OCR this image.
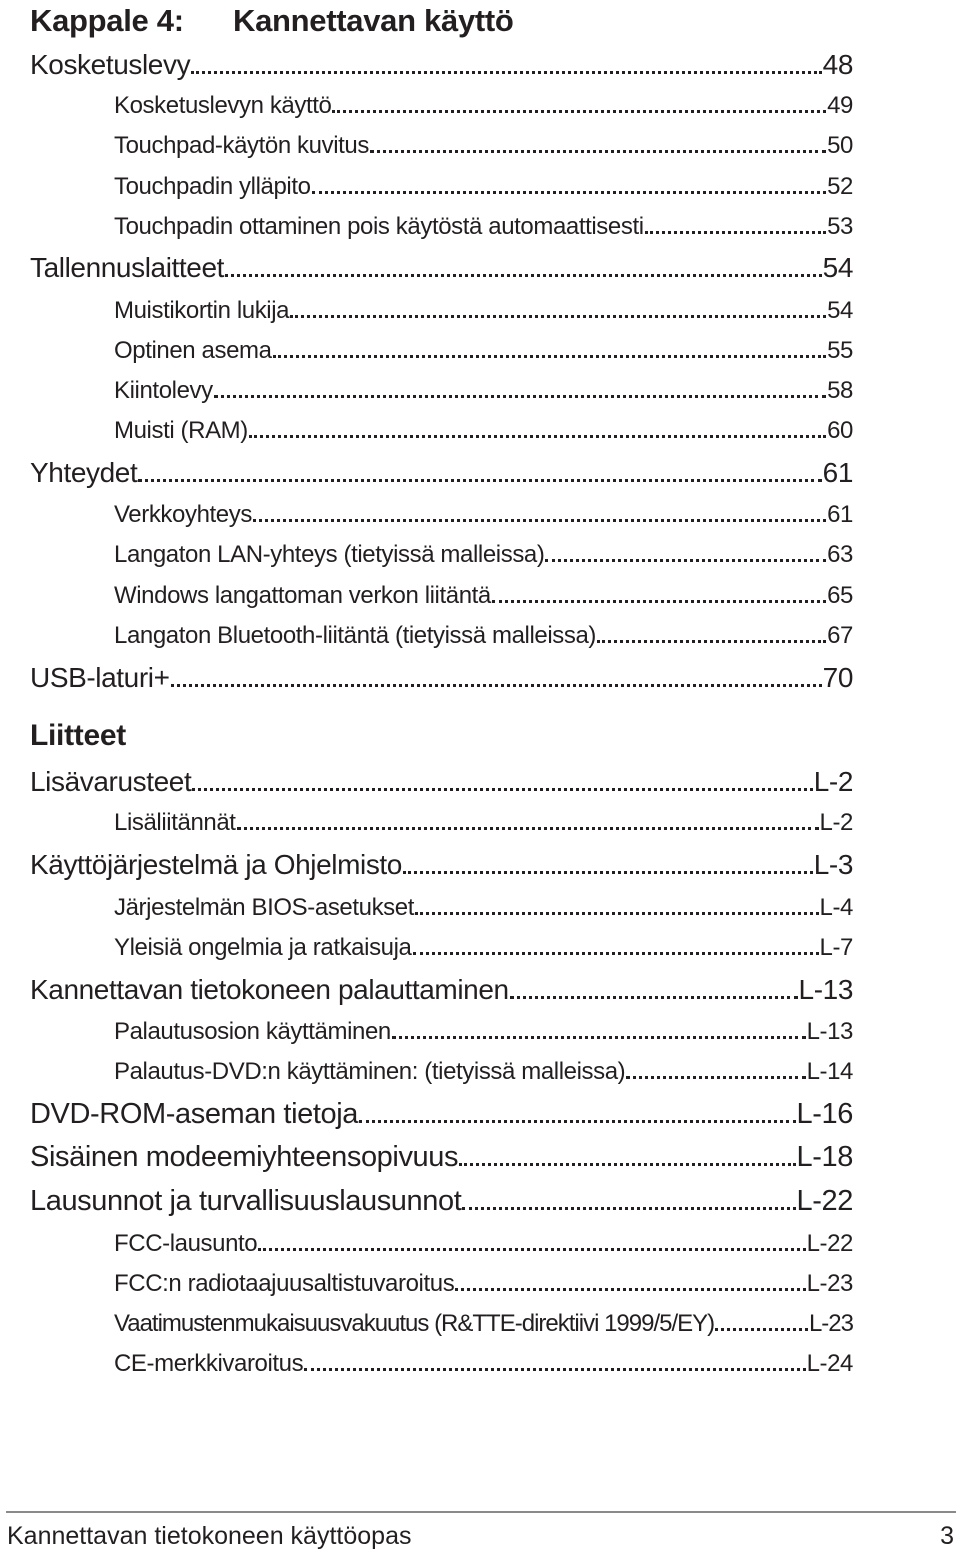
Kappale 4: Kannettavan käyttö
Kosketuslevy	48
Kosketuslevyn käyttö	49
Touchpad-käytön kuvitus	50
Touchpadin ylläpito	52
Touchpadin ottaminen pois käytöstä automaattisesti	53
Tallennuslaitteet	54
Muistikortin lukija	54
Optinen asema	55
Kiintolevy	58
Muisti (RAM)	60
Yhteydet	61
Verkkoyhteys	61
Langaton LAN-yhteys (tietyissä malleissa)	63
Windows langattoman verkon liitäntä	65
Langaton Bluetooth-liitäntä (tietyissä malleissa)	67
USB-laturi+	70
Lisävarusteet	L-2
Lisäliitännät	L-2
Käyttöjärjestelmä ja Ohjelmisto	L-3
Järjestelmän BIOS-asetukset	L-4
Yleisiä ongelmia ja ratkaisuja	L-7
Kannettavan tietokoneen palauttaminen	L-13
Palautusosion käyttäminen	L-13
Palautus-DVD:n käyttäminen: (tietyissä malleissa)	L-14
DVD-ROM-aseman tietoja	L-16
Sisäinen modeemiyhteensopivuus	L-18
Lausunnot ja turvallisuuslausunnot	L-22
FCC-lausunto	L-22
FCC:n radiotaajuusaltistuvaroitus	L-23
Vaatimustenmukaisuusvakuutus (R&TTE-direktiivi 1999/5/EY)	L-23
CE-merkkivaroitus	L-24
Liitteet
Kannettavan tietokoneen käyttöopas	3
